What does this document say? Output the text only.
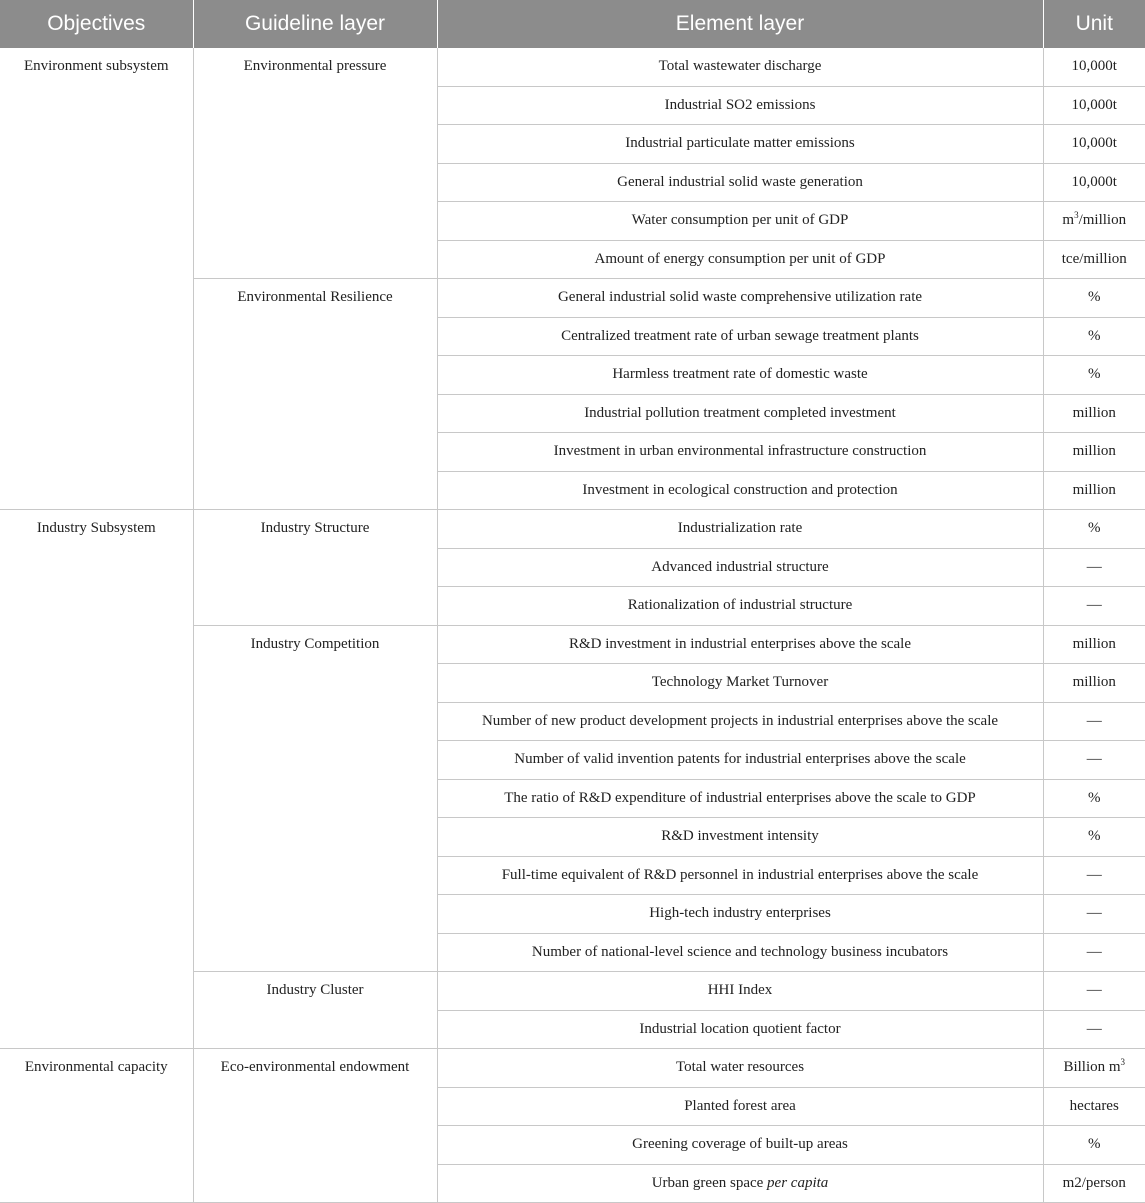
Objectives	Guideline layer	Element layer	Unit
Environment subsystem	Environmental pressure	Total wastewater discharge	10,000t
		Industrial SO2 emissions	10,000t
		Industrial particulate matter emissions	10,000t
		General industrial solid waste generation	10,000t
		Water consumption per unit of GDP	$m^3$/million
		Amount of energy consumption per unit of GDP	tce/million
	Environmental Resilience	General industrial solid waste comprehensive utilization rate	%
		Centralized treatment rate of urban sewage treatment plants	%
		Harmless treatment rate of domestic waste	%
		Industrial pollution treatment completed investment	million
		Investment in urban environmental infrastructure construction	million
		Investment in ecological construction and protection	million
Industry Subsystem	Industry Structure	Industrialization rate	%
		Advanced industrial structure	—
		Rationalization of industrial structure	—
	Industry Competition	R&D investment in industrial enterprises above the scale	million
		Technology Market Turnover	million
		Number of new product development projects in industrial enterprises above the scale	—
		Number of valid invention patents for industrial enterprises above the scale	—
		The ratio of R&D expenditure of industrial enterprises above the scale to GDP	%
		R&D investment intensity	%
		Full-time equivalent of R&D personnel in industrial enterprises above the scale	—
		High-tech industry enterprises	—
		Number of national-level science and technology business incubators	—
	Industry Cluster	HHI Index	—
		Industrial location quotient factor	—
Environmental capacity	Eco-environmental endowment	Total water resources	Billion $m^3$
		Planted forest area	hectares
		Greening coverage of built-up areas	%
		Urban green space per capita	m2/person
